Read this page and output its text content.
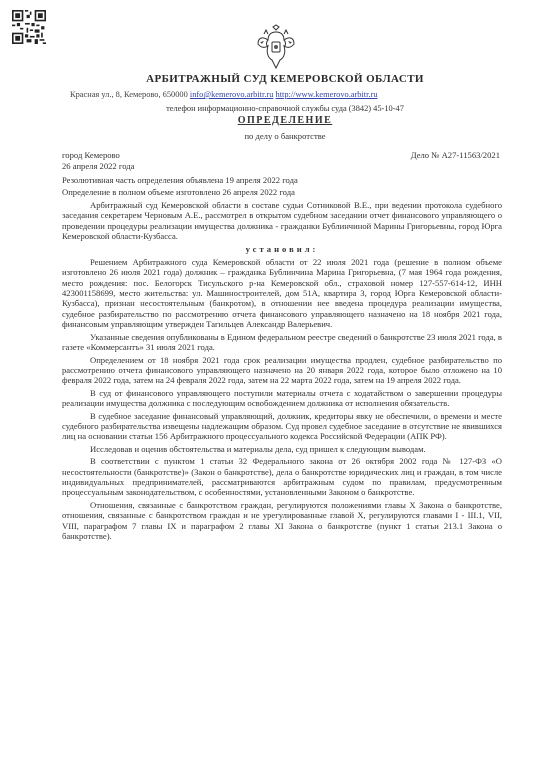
АРБИТРАЖНЫЙ СУД КЕМЕРОВСКОЙ ОБЛАСТИ
Красная ул., 8, Кемерово, 650000 info@kemerovo.arbitr.ru http://www.kemerovo.arbitr.ru
телефон информационно-справочной службы суда (3842) 45-10-47
ОПРЕДЕЛЕНИЕ
по делу о банкротстве
город Кемерово	Дело № А27-11563/2021
26 апреля 2022 года

Резолютивная часть определения объявлена 19 апреля 2022 года

Определение в полном объеме изготовлено 26 апреля 2022 года

Арбитражный суд Кемеровской области в составе судьи Сотниковой В.Е., при ведении протокола судебного заседания секретарем Черновым А.Е., рассмотрел в открытом судебном заседании отчет финансового управляющего о проведении процедуры реализации имущества должника - гражданки Бублинчиной Марины Григорьевны, город Юрга Кемеровской области-Кузбасса.

установил:

Решением Арбитражного суда Кемеровской области от 22 июля 2021 года (решение в полном объеме изготовлено 26 июля 2021 года) должник – гражданка Бублинчина Марина Григорьевна, (7 мая 1964 года рождения, место рождения: пос. Белогорск Тисульского р-на Кемеровской обл., страховой номер 127-557-614-12, ИНН 423001158699, место жительства: ул. Машиностроителей, дом 51А, квартира 3, город Юрга Кемеровской области-Кузбасса), признан несостоятельным (банкротом), в отношении нее введена процедура реализации имущества, судебное разбирательство по рассмотрению отчета финансового управляющего назначено на 18 ноября 2021 года, финансовым управляющим утвержден Тагильцев Александр Валерьевич.

Указанные сведения опубликованы в Едином федеральном реестре сведений о банкротстве 23 июля 2021 года, в газете «Коммерсантъ» 31 июля 2021 года.

Определением от 18 ноября 2021 года срок реализации имущества продлен, судебное разбирательство по рассмотрению отчета финансового управляющего назначено на 20 января 2022 года, которое было отложено на 10 февраля 2022 года, затем на 24 февраля 2022 года, затем на 22 марта 2022 года, затем на 19 апреля 2022 года.

В суд от финансового управляющего поступили материалы отчета с ходатайством о завершении процедуры реализации имущества должника с последующим освобождением должника от исполнения обязательств.

В судебное заседание финансовый управляющий, должник, кредиторы явку не обеспечили, о времени и месте судебного разбирательства извещены надлежащим образом. Суд провел судебное заседание в отсутствие не явившихся лиц на основании статьи 156 Арбитражного процессуального кодекса Российской Федерации (АПК РФ).

Исследовав и оценив обстоятельства и материалы дела, суд пришел к следующим выводам.

В соответствии с пунктом 1 статьи 32 Федерального закона от 26 октября 2002 года № 127-ФЗ «О несостоятельности (банкротстве)» (Закон о банкротстве), дела о банкротстве юридических лиц и граждан, в том числе индивидуальных предпринимателей, рассматриваются арбитражным судом по правилам, предусмотренным процессуальным законодательством, с особенностями, установленными Законом о банкротстве.

Отношения, связанные с банкротством граждан, регулируются положениями главы X Закона о банкротстве, отношения, связанные с банкротством граждан и не урегулированные главой X, регулируются главами I - III.1, VII, VIII, параграфом 7 главы IX и параграфом 2 главы XI Закона о банкротстве (пункт 1 статьи 213.1 Закона о банкротстве).
